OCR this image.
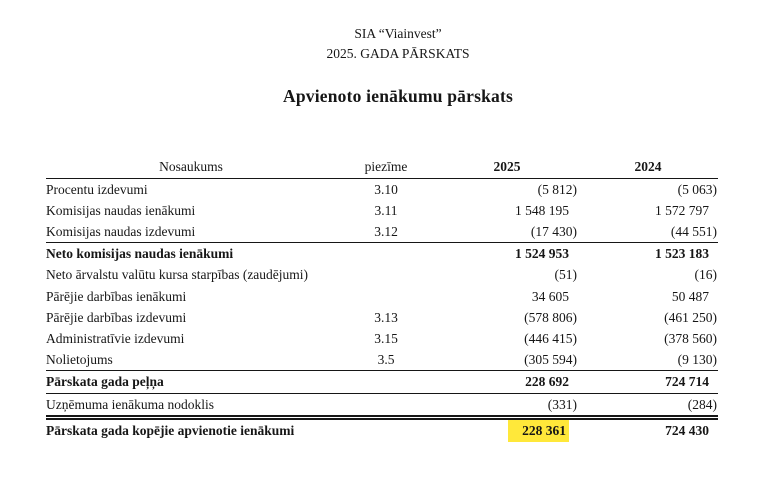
SIA “Viainvest”
2025. GADA PĀRSKATS
Apvienoto ienākumu pārskats
Nosaukums	piezīme	2025	2024
Procentu izdevumi	3.10	(5 812)	(5 063)
Komisijas naudas ienākumi	3.11	1 548 195	1 572 797
Komisijas naudas izdevumi	3.12	(17 430)	(44 551)
Neto komisijas naudas ienākumi		1 524 953	1 523 183
Neto ārvalstu valūtu kursa starpības (zaudējumi)		(51)	(16)
Pārējie darbības ienākumi		34 605	50 487
Pārējie darbības izdevumi	3.13	(578 806)	(461 250)
Administratīvie izdevumi	3.15	(446 415)	(378 560)
Nolietojums	3.5	(305 594)	(9 130)
Pārskata gada peļņa		228 692	724 714
Uzņēmuma ienākuma nodoklis		(331)	(284)
Pārskata gada kopējie apvienotie ienākumi		228 361	724 430
